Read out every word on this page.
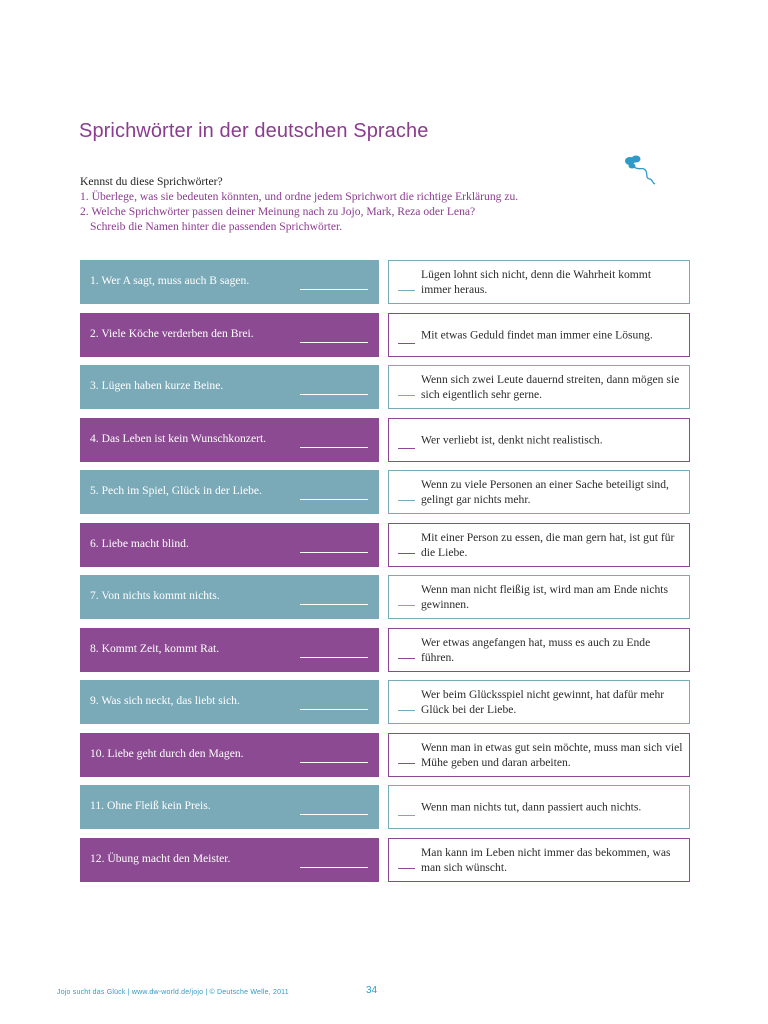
Sprichwörter in der deutschen Sprache
Kennst du diese Sprichwörter?
1. Überlege, was sie bedeuten könnten, und ordne jedem Sprichwort die richtige Erklärung zu.
2. Welche Sprichwörter passen deiner Meinung nach zu Jojo, Mark, Reza oder Lena?
Schreib die Namen hinter die passenden Sprichwörter.
1. Wer A sagt, muss auch B sagen.	Lügen lohnt sich nicht, denn die Wahrheit kommt immer heraus.
2. Viele Köche verderben den Brei.	Mit etwas Geduld findet man immer eine Lösung.
3. Lügen haben kurze Beine.	Wenn sich zwei Leute dauernd streiten, dann mögen sie sich eigentlich sehr gerne.
4. Das Leben ist kein Wunschkonzert.	Wer verliebt ist, denkt nicht realistisch.
5. Pech im Spiel, Glück in der Liebe.	Wenn zu viele Personen an einer Sache beteiligt sind, gelingt gar nichts mehr.
6. Liebe macht blind.	Mit einer Person zu essen, die man gern hat, ist gut für die Liebe.
7. Von nichts kommt nichts.	Wenn man nicht fleißig ist, wird man am Ende nichts gewinnen.
8. Kommt Zeit, kommt Rat.	Wer etwas angefangen hat, muss es auch zu Ende führen.
9. Was sich neckt, das liebt sich.	Wer beim Glücksspiel nicht gewinnt, hat dafür mehr Glück bei der Liebe.
10. Liebe geht durch den Magen.	Wenn man in etwas gut sein möchte, muss man sich viel Mühe geben und daran arbeiten.
11. Ohne Fleiß kein Preis.	Wenn man nichts tut, dann passiert auch nichts.
12. Übung macht den Meister.	Man kann im Leben nicht immer das bekommen, was man sich wünscht.
Jojo sucht das Glück | www.dw-world.de/jojo | © Deutsche Welle, 2011	34
